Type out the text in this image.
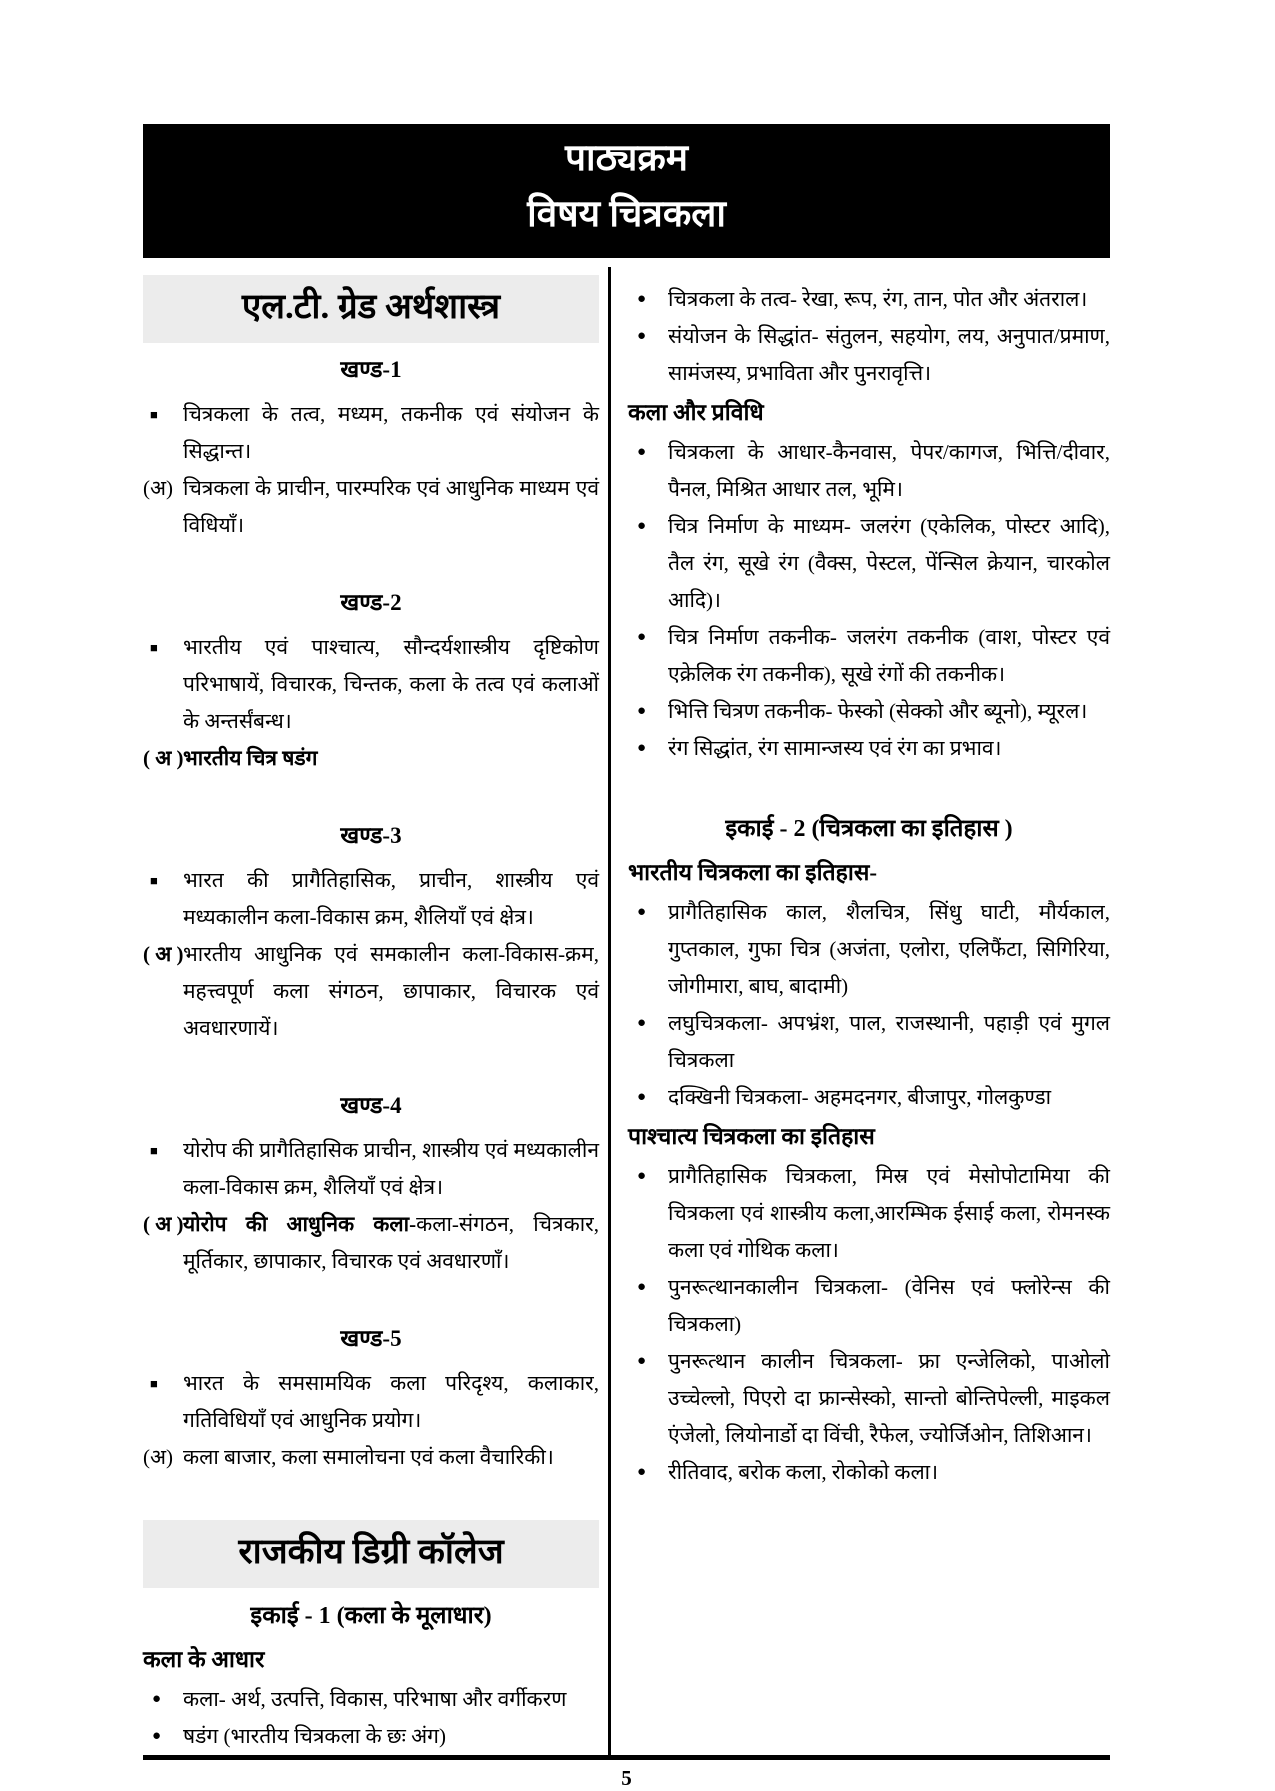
पाठ्यक्रम
विषय चित्रकला
एल.टी. ग्रेड अर्थशास्त्र
खण्ड-1
■ चित्रकला के तत्व, मध्यम, तकनीक एवं संयोजन के सिद्धान्त।
(अ) चित्रकला के प्राचीन, पारम्परिक एवं आधुनिक माध्यम एवं विधियाँ।
खण्ड-2
■ भारतीय एवं पाश्चात्य, सौन्दर्यशास्त्रीय दृष्टिकोण परिभाषायें, विचारक, चिन्तक, कला के तत्व एवं कलाओं के अन्तर्संबन्ध।
( अ ) भारतीय चित्र षडंग
खण्ड-3
■ भारत की प्रागैतिहासिक, प्राचीन, शास्त्रीय एवं मध्यकालीन कला-विकास क्रम, शैलियाँ एवं क्षेत्र।
( अ ) भारतीय आधुनिक एवं समकालीन कला-विकास-क्रम, महत्त्वपूर्ण कला संगठन, छापाकार, विचारक एवं अवधारणायें।
खण्ड-4
■ योरोप की प्रागैतिहासिक प्राचीन, शास्त्रीय एवं मध्यकालीन कला-विकास क्रम, शैलियाँ एवं क्षेत्र।
( अ ) योरोप की आधुनिक कला-कला-संगठन, चित्रकार, मूर्तिकार, छापाकार, विचारक एवं अवधारणाँ।
खण्ड-5
■ भारत के समसामयिक कला परिदृश्य, कलाकार, गतिविधियाँ एवं आधुनिक प्रयोग।
(अ) कला बाजार, कला समालोचना एवं कला वैचारिकी।
राजकीय डिग्री कॉलेज
इकाई - 1 (कला के मूलाधार)
कला के आधार
● कला- अर्थ, उत्पत्ति, विकास, परिभाषा और वर्गीकरण
● षडंग (भारतीय चित्रकला के छः अंग)
● चित्रकला के तत्व- रेखा, रूप, रंग, तान, पोत और अंतराल।
● संयोजन के सिद्धांत- संतुलन, सहयोग, लय, अनुपात/प्रमाण, सामंजस्य, प्रभाविता और पुनरावृत्ति।
कला और प्रविधि
● चित्रकला के आधार-कैनवास, पेपर/कागज, भित्ति/दीवार, पैनल, मिश्रित आधार तल, भूमि।
● चित्र निर्माण के माध्यम- जलरंग (एकेलिक, पोस्टर आदि), तैल रंग, सूखे रंग (वैक्स, पेस्टल, पेंन्सिल क्रेयान, चारकोल आदि)।
● चित्र निर्माण तकनीक- जलरंग तकनीक (वाश, पोस्टर एवं एक्रेलिक रंग तकनीक), सूखे रंगों की तकनीक।
● भित्ति चित्रण तकनीक- फेस्को (सेक्को और ब्यूनो), म्यूरल।
● रंग सिद्धांत, रंग सामान्जस्य एवं रंग का प्रभाव।
इकाई - 2 (चित्रकला का इतिहास )
भारतीय चित्रकला का इतिहास-
● प्रागैतिहासिक काल, शैलचित्र, सिंधु घाटी, मौर्यकाल, गुप्तकाल, गुफा चित्र (अजंता, एलोरा, एलिफैंटा, सिगिरिया, जोगीमारा, बाघ, बादामी)
● लघुचित्रकला- अपभ्रंश, पाल, राजस्थानी, पहाड़ी एवं मुगल चित्रकला
● दक्खिनी चित्रकला- अहमदनगर, बीजापुर, गोलकुण्डा
पाश्चात्य चित्रकला का इतिहास
● प्रागैतिहासिक चित्रकला, मिस्र एवं मेसोपोटामिया की चित्रकला एवं शास्त्रीय कला,आरम्भिक ईसाई कला, रोमनस्क कला एवं गोथिक कला।
● पुनरूत्थानकालीन चित्रकला- (वेनिस एवं फ्लोरेन्स की चित्रकला)
● पुनरूत्थान कालीन चित्रकला- फ्रा एन्जेलिको, पाओलो उच्चेल्लो, पिएरो दा फ्रान्सेस्को, सान्तो बोन्तिपेल्ली, माइकल एंजेलो, लियोनार्डो दा विंची, रैफेल, ज्योर्जिओन, तिशिआन।
● रीतिवाद, बरोक कला, रोकोको कला।
5
